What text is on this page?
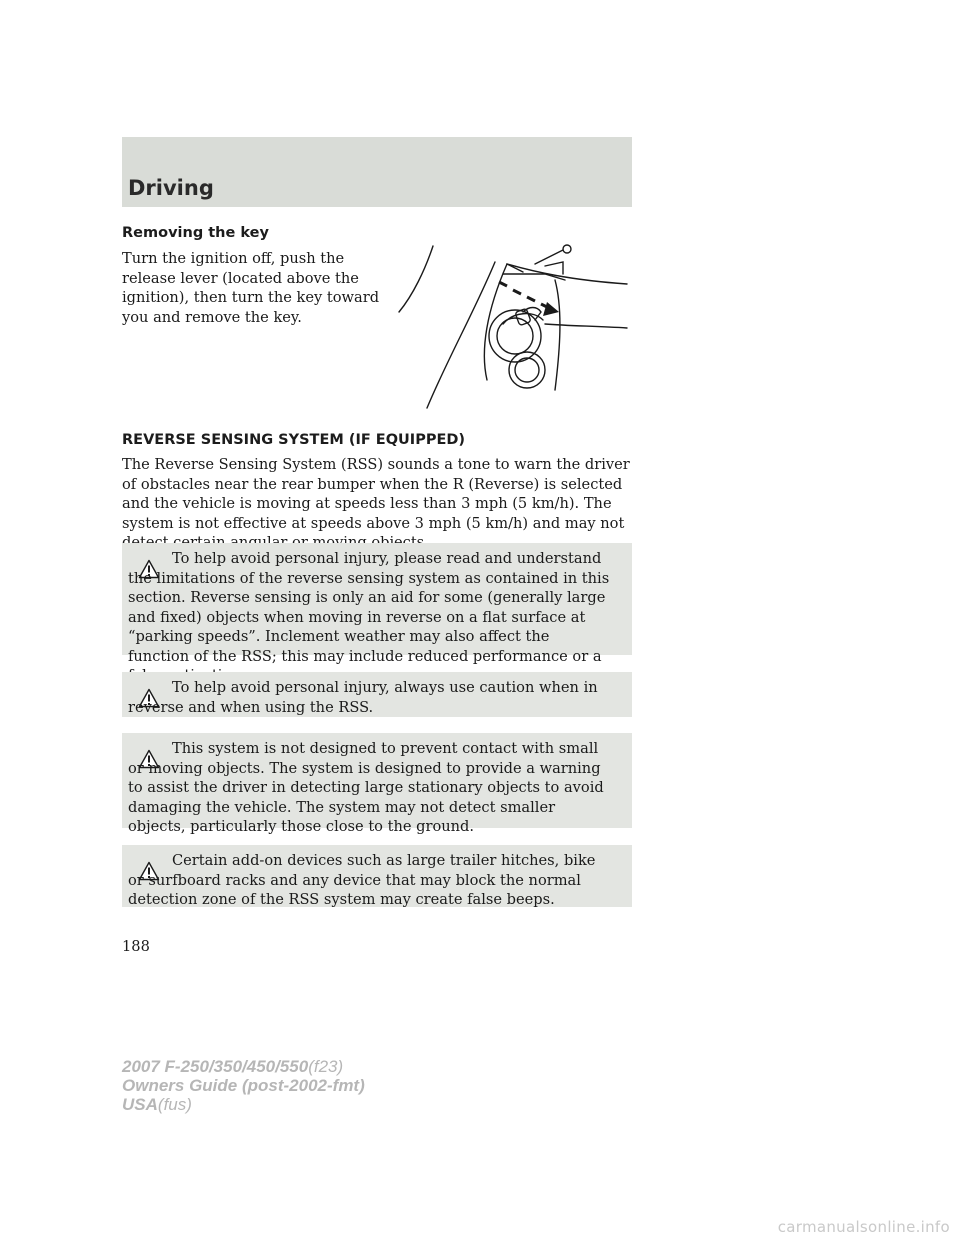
Driving
Removing the key

Turn the ignition off, push the release lever (located above the ignition), then turn the key toward you and remove the key.

REVERSE SENSING SYSTEM (IF EQUIPPED)

The Reverse Sensing System (RSS) sounds a tone to warn the driver of obstacles near the rear bumper when the R (Reverse) is selected and the vehicle is moving at speeds less than 3 mph (5 km/h). The system is not effective at speeds above 3 mph (5 km/h) and may not

To help avoid personal injury, please read and understand the limitations of the reverse sensing system as contained in this section. Reverse sensing is only an aid for some (generally large and fixed) objects when moving in reverse on a flat surface at “parking speeds”. Inclement weather may also affect the function of the RSS; this may include reduced performance or a

To help avoid personal injury, always use caution when in reverse and when using the RSS.

This system is not designed to prevent contact with small or moving objects. The system is designed to provide a warning to assist the driver in detecting large stationary objects to avoid damaging the vehicle. The system may not detect smaller objects, particularly those close to the ground.

Certain add-on devices such as large trailer hitches, bike or surfboard racks and any device that may block the normal detection zone of the RSS system may create false beeps.

188

2007 F-250/350/450/550(f23)
Owners Guide (post-2002-fmt)
USA(fus)
carmanualsonline.info
